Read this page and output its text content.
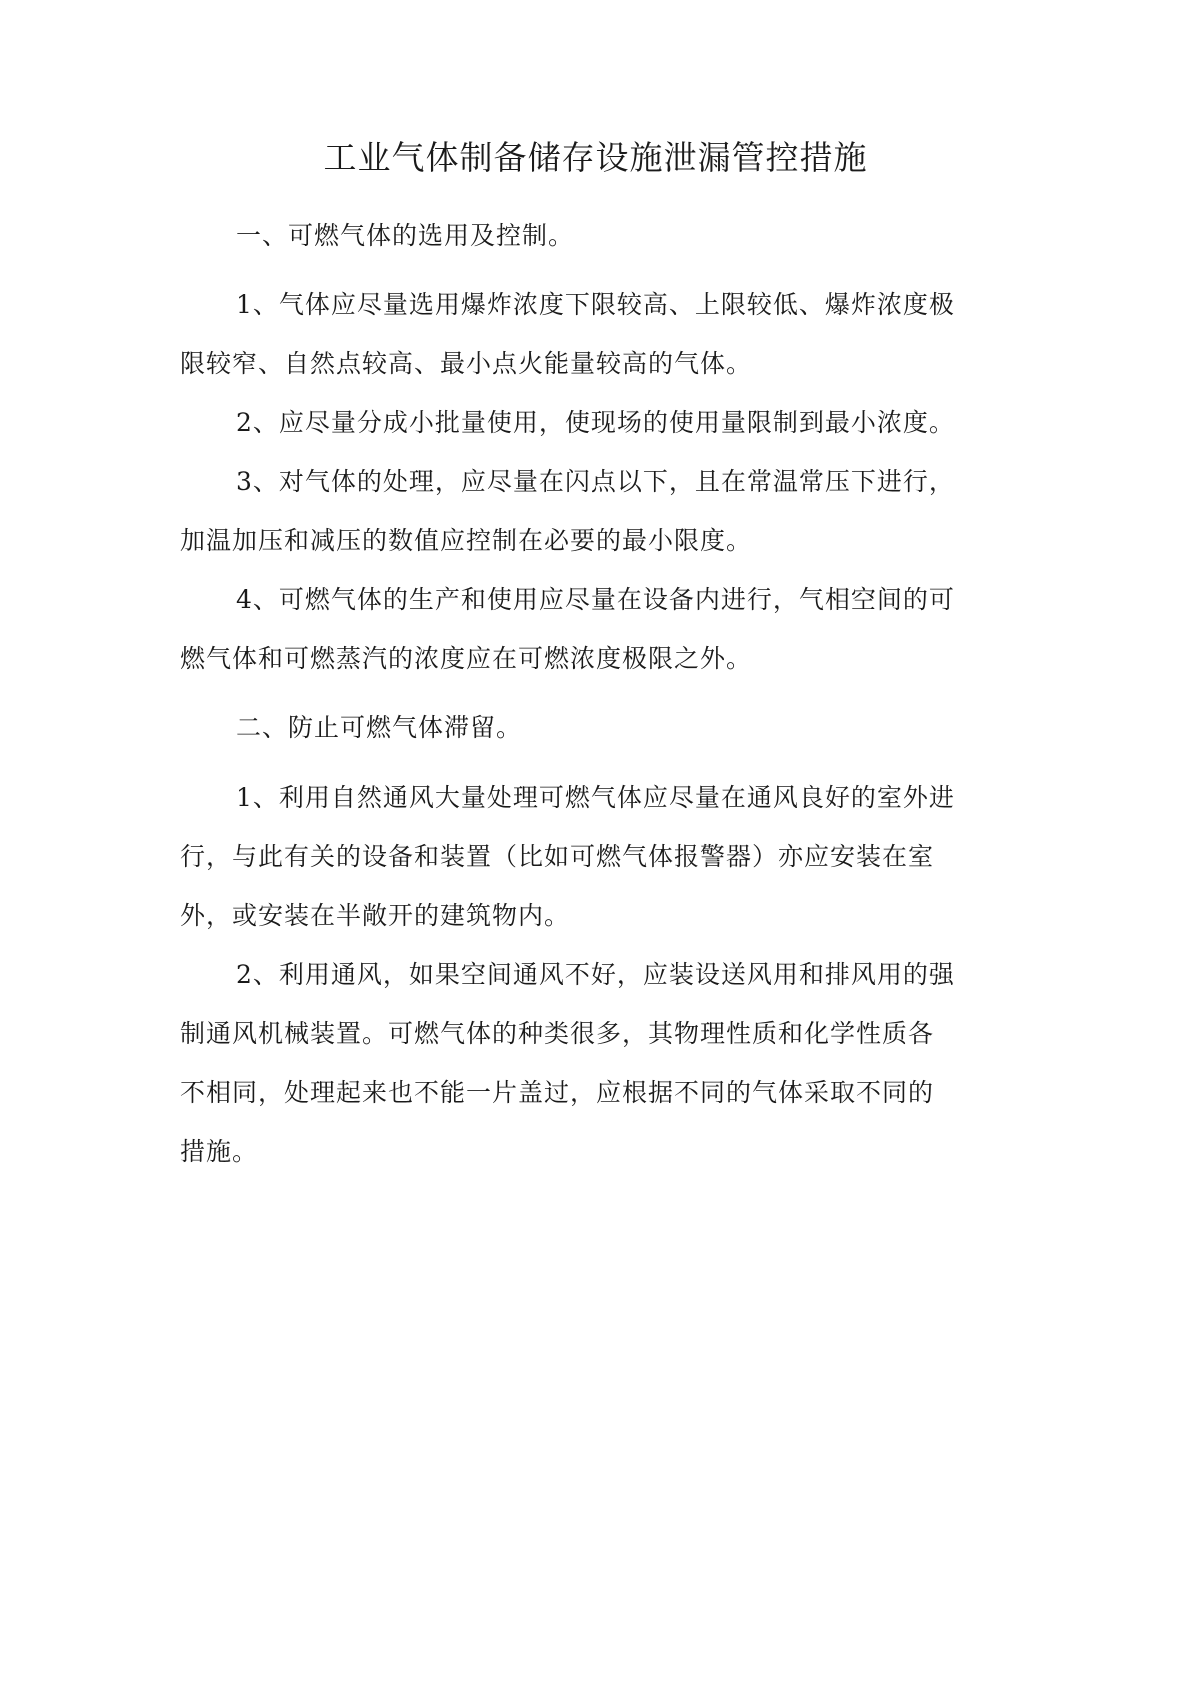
工业气体制备储存设施泄漏管控措施
一、可燃气体的选用及控制。
1、气体应尽量选用爆炸浓度下限较高、上限较低、爆炸浓度极
限较窄、自然点较高、最小点火能量较高的气体。
2、应尽量分成小批量使用，使现场的使用量限制到最小浓度。
3、对气体的处理，应尽量在闪点以下，且在常温常压下进行，
加温加压和减压的数值应控制在必要的最小限度。
4、可燃气体的生产和使用应尽量在设备内进行，气相空间的可
燃气体和可燃蒸汽的浓度应在可燃浓度极限之外。
二、防止可燃气体滞留。
1、利用自然通风大量处理可燃气体应尽量在通风良好的室外进
行，与此有关的设备和装置（比如可燃气体报警器）亦应安装在室
外，或安装在半敞开的建筑物内。
2、利用通风，如果空间通风不好，应装设送风用和排风用的强
制通风机械装置。可燃气体的种类很多，其物理性质和化学性质各
不相同，处理起来也不能一片盖过，应根据不同的气体采取不同的
措施。
